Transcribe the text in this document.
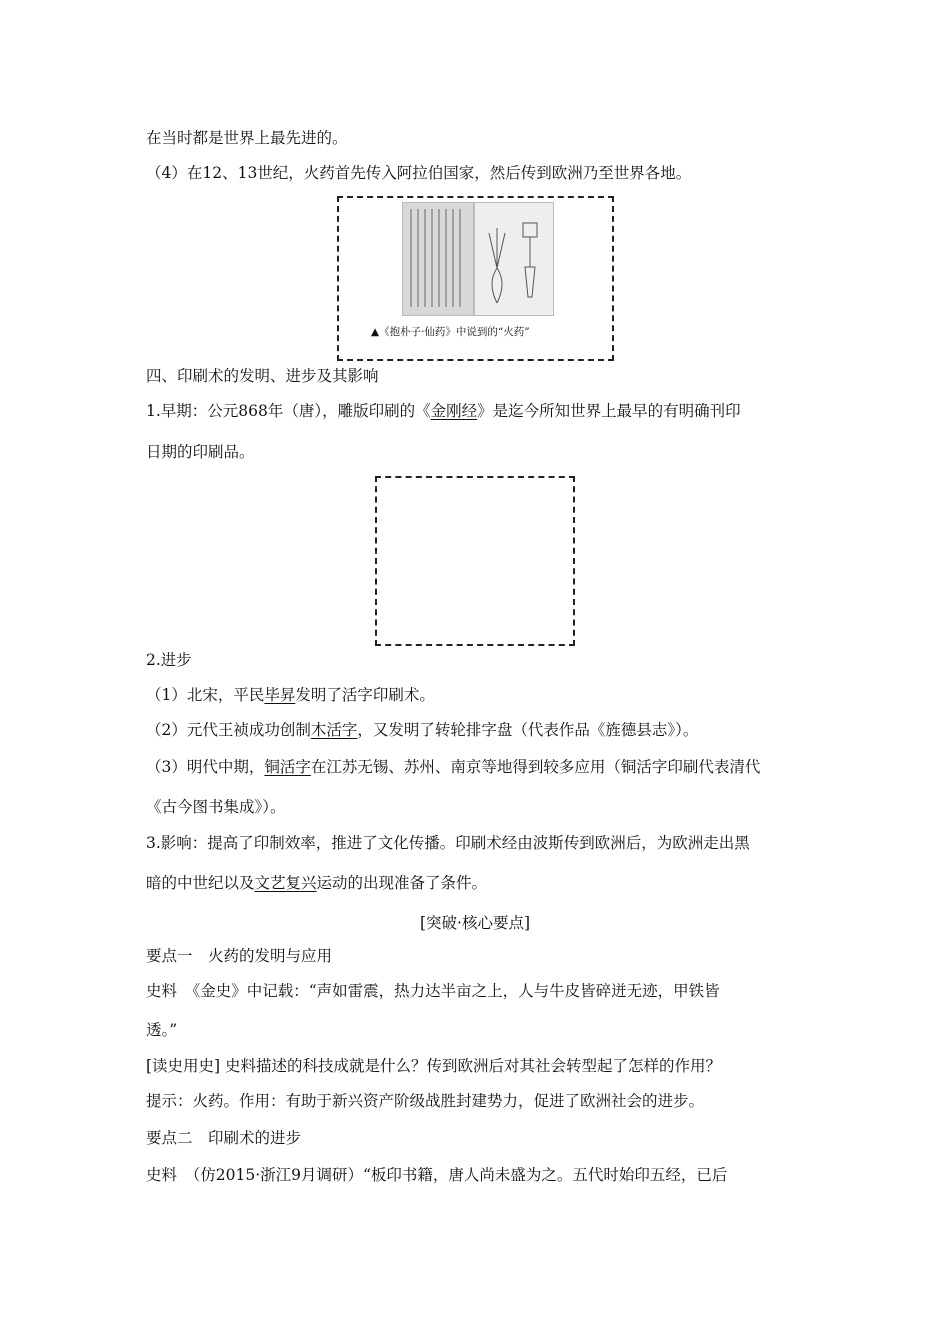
在当时都是世界上最先进的。
（4）在12、13世纪，火药首先传入阿拉伯国家，然后传到欧洲乃至世界各地。
▲《抱朴子·仙药》中说到的“火药”
四、印刷术的发明、进步及其影响
1.早期：公元868年（唐），雕版印刷的《金刚经》是迄今所知世界上最早的有明确刊印
日期的印刷品。
2.进步
（1）北宋，平民毕昇发明了活字印刷术。
（2）元代王祯成功创制木活字，又发明了转轮排字盘（代表作品《旌德县志》）。
（3）明代中期，铜活字在江苏无锡、苏州、南京等地得到较多应用（铜活字印刷代表清代
《古今图书集成》）。
3.影响：提高了印制效率，推进了文化传播。印刷术经由波斯传到欧洲后，为欧洲走出黑
暗的中世纪以及文艺复兴运动的出现准备了条件。
[突破·核心要点]
要点一　火药的发明与应用
史料　《金史》中记载：“声如雷震，热力达半亩之上，人与牛皮皆碎迸无迹，甲铁皆
透。”
[读史用史] 史料描述的科技成就是什么？传到欧洲后对其社会转型起了怎样的作用？
提示：火药。作用：有助于新兴资产阶级战胜封建势力，促进了欧洲社会的进步。
要点二　印刷术的进步
史料　（仿2015·浙江9月调研）“板印书籍，唐人尚未盛为之。五代时始印五经，已后
